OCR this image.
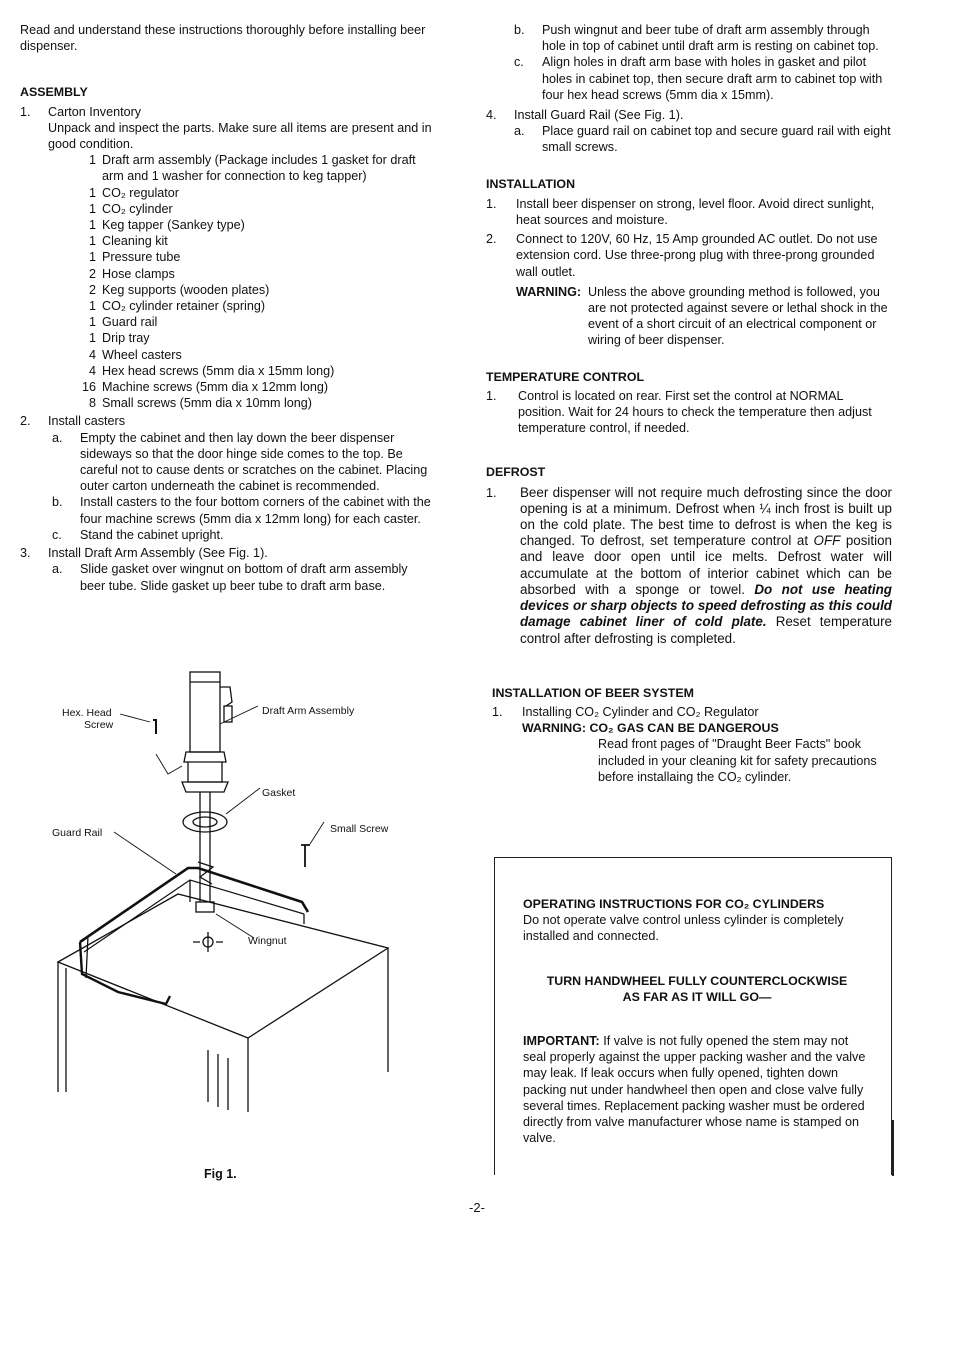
Read and understand these instructions thoroughly before installing beer dispenser.

ASSEMBLY

1.	Carton Inventory

Unpack and inspect the parts. Make sure all items are present and in good condition.

1 Draft arm assembly (Package includes 1 gasket for draft arm and 1 washer for connection to keg tapper)
1 CO₂ regulator
1 CO₂ cylinder
1 Keg tapper (Sankey type)
1 Cleaning kit
1 Pressure tube
2 Hose clamps
2 Keg supports (wooden plates)
1 CO₂ cylinder retainer (spring)
1 Guard rail
1 Drip tray
4 Wheel casters
4 Hex head screws (5mm dia x 15mm long)
16 Machine screws (5mm dia x 12mm long)
8 Small screws (5mm dia x 10mm long)
2.	Install casters
a.	Empty the cabinet and then lay down the beer dispenser sideways so that the door hinge side comes to the top. Be careful not to cause dents or scratches on the cabinet. Placing outer carton underneath the cabinet is recommended.
b.	Install casters to the four bottom corners of the cabinet with the four machine screws (5mm dia x 12mm long) for each caster.
c.	Stand the cabinet upright.
3.	Install Draft Arm Assembly (See Fig. 1).
a.	Slide gasket over wingnut on bottom of draft arm assembly beer tube. Slide gasket up beer tube to draft arm base.
Hex. Head
Screw
Draft Arm Assembly
Gasket
Guard Rail	Small Screw
Wingnut
Fig 1.
b.	Push wingnut and beer tube of draft arm assembly through hole in top of cabinet until draft arm is resting on cabinet top.
c.	Align holes in draft arm base with holes in gasket and pilot holes in cabinet top, then secure draft arm to cabinet top with four hex head screws (5mm dia x 15mm).
4.	Install Guard Rail (See Fig. 1).
a.	Place guard rail on cabinet top and secure guard rail with eight small screws.

INSTALLATION

1.	Install beer dispenser on strong, level floor. Avoid direct sunlight, heat sources and moisture.
2.	Connect to 120V, 60 Hz, 15 Amp grounded AC outlet. Do not use extension cord. Use three-prong plug with three-prong grounded wall outlet.
WARNING: Unless the above grounding method is followed, you are not protected against severe or lethal shock in the event of a short circuit of an electrical component or wiring of beer dispenser.

TEMPERATURE CONTROL

1.	Control is located on rear. First set the control at NORMAL position. Wait for 24 hours to check the temperature then adjust temperature control, if needed.

DEFROST

1.	Beer dispenser will not require much defrosting since the door opening is at a minimum. Defrost when ¼ inch frost is built up on the cold plate. The best time to defrost is when the keg is changed. To defrost, set temperature control at OFF position and leave door open until ice melts. Defrost water will accumulate at the bottom of interior cabinet which can be absorbed with a sponge or towel. Do not use heating devices or sharp objects to speed defrosting as this could damage cabinet liner of cold plate. Reset temperature control after defrosting is completed.

INSTALLATION OF BEER SYSTEM

1.	Installing CO₂ Cylinder and CO₂ Regulator

WARNING: CO₂ GAS CAN BE DANGEROUS

Read front pages of "Draught Beer Facts" book included in your cleaning kit for safety precautions before installaing the CO₂ cylinder.

OPERATING INSTRUCTIONS FOR CO₂ CYLINDERS

Do not operate valve control unless cylinder is completely installed and connected.

TURN HANDWHEEL FULLY COUNTERCLOCKWISE

AS FAR AS IT WILL GO—

IMPORTANT: If valve is not fully opened the stem may not seal properly against the upper packing washer and the valve may leak. If leak occurs when fully opened, tighten down packing nut under handwheel then open and close valve fully several times. Replacement packing washer must be ordered directly from valve manufacturer whose name is stamped on valve.

-2-
